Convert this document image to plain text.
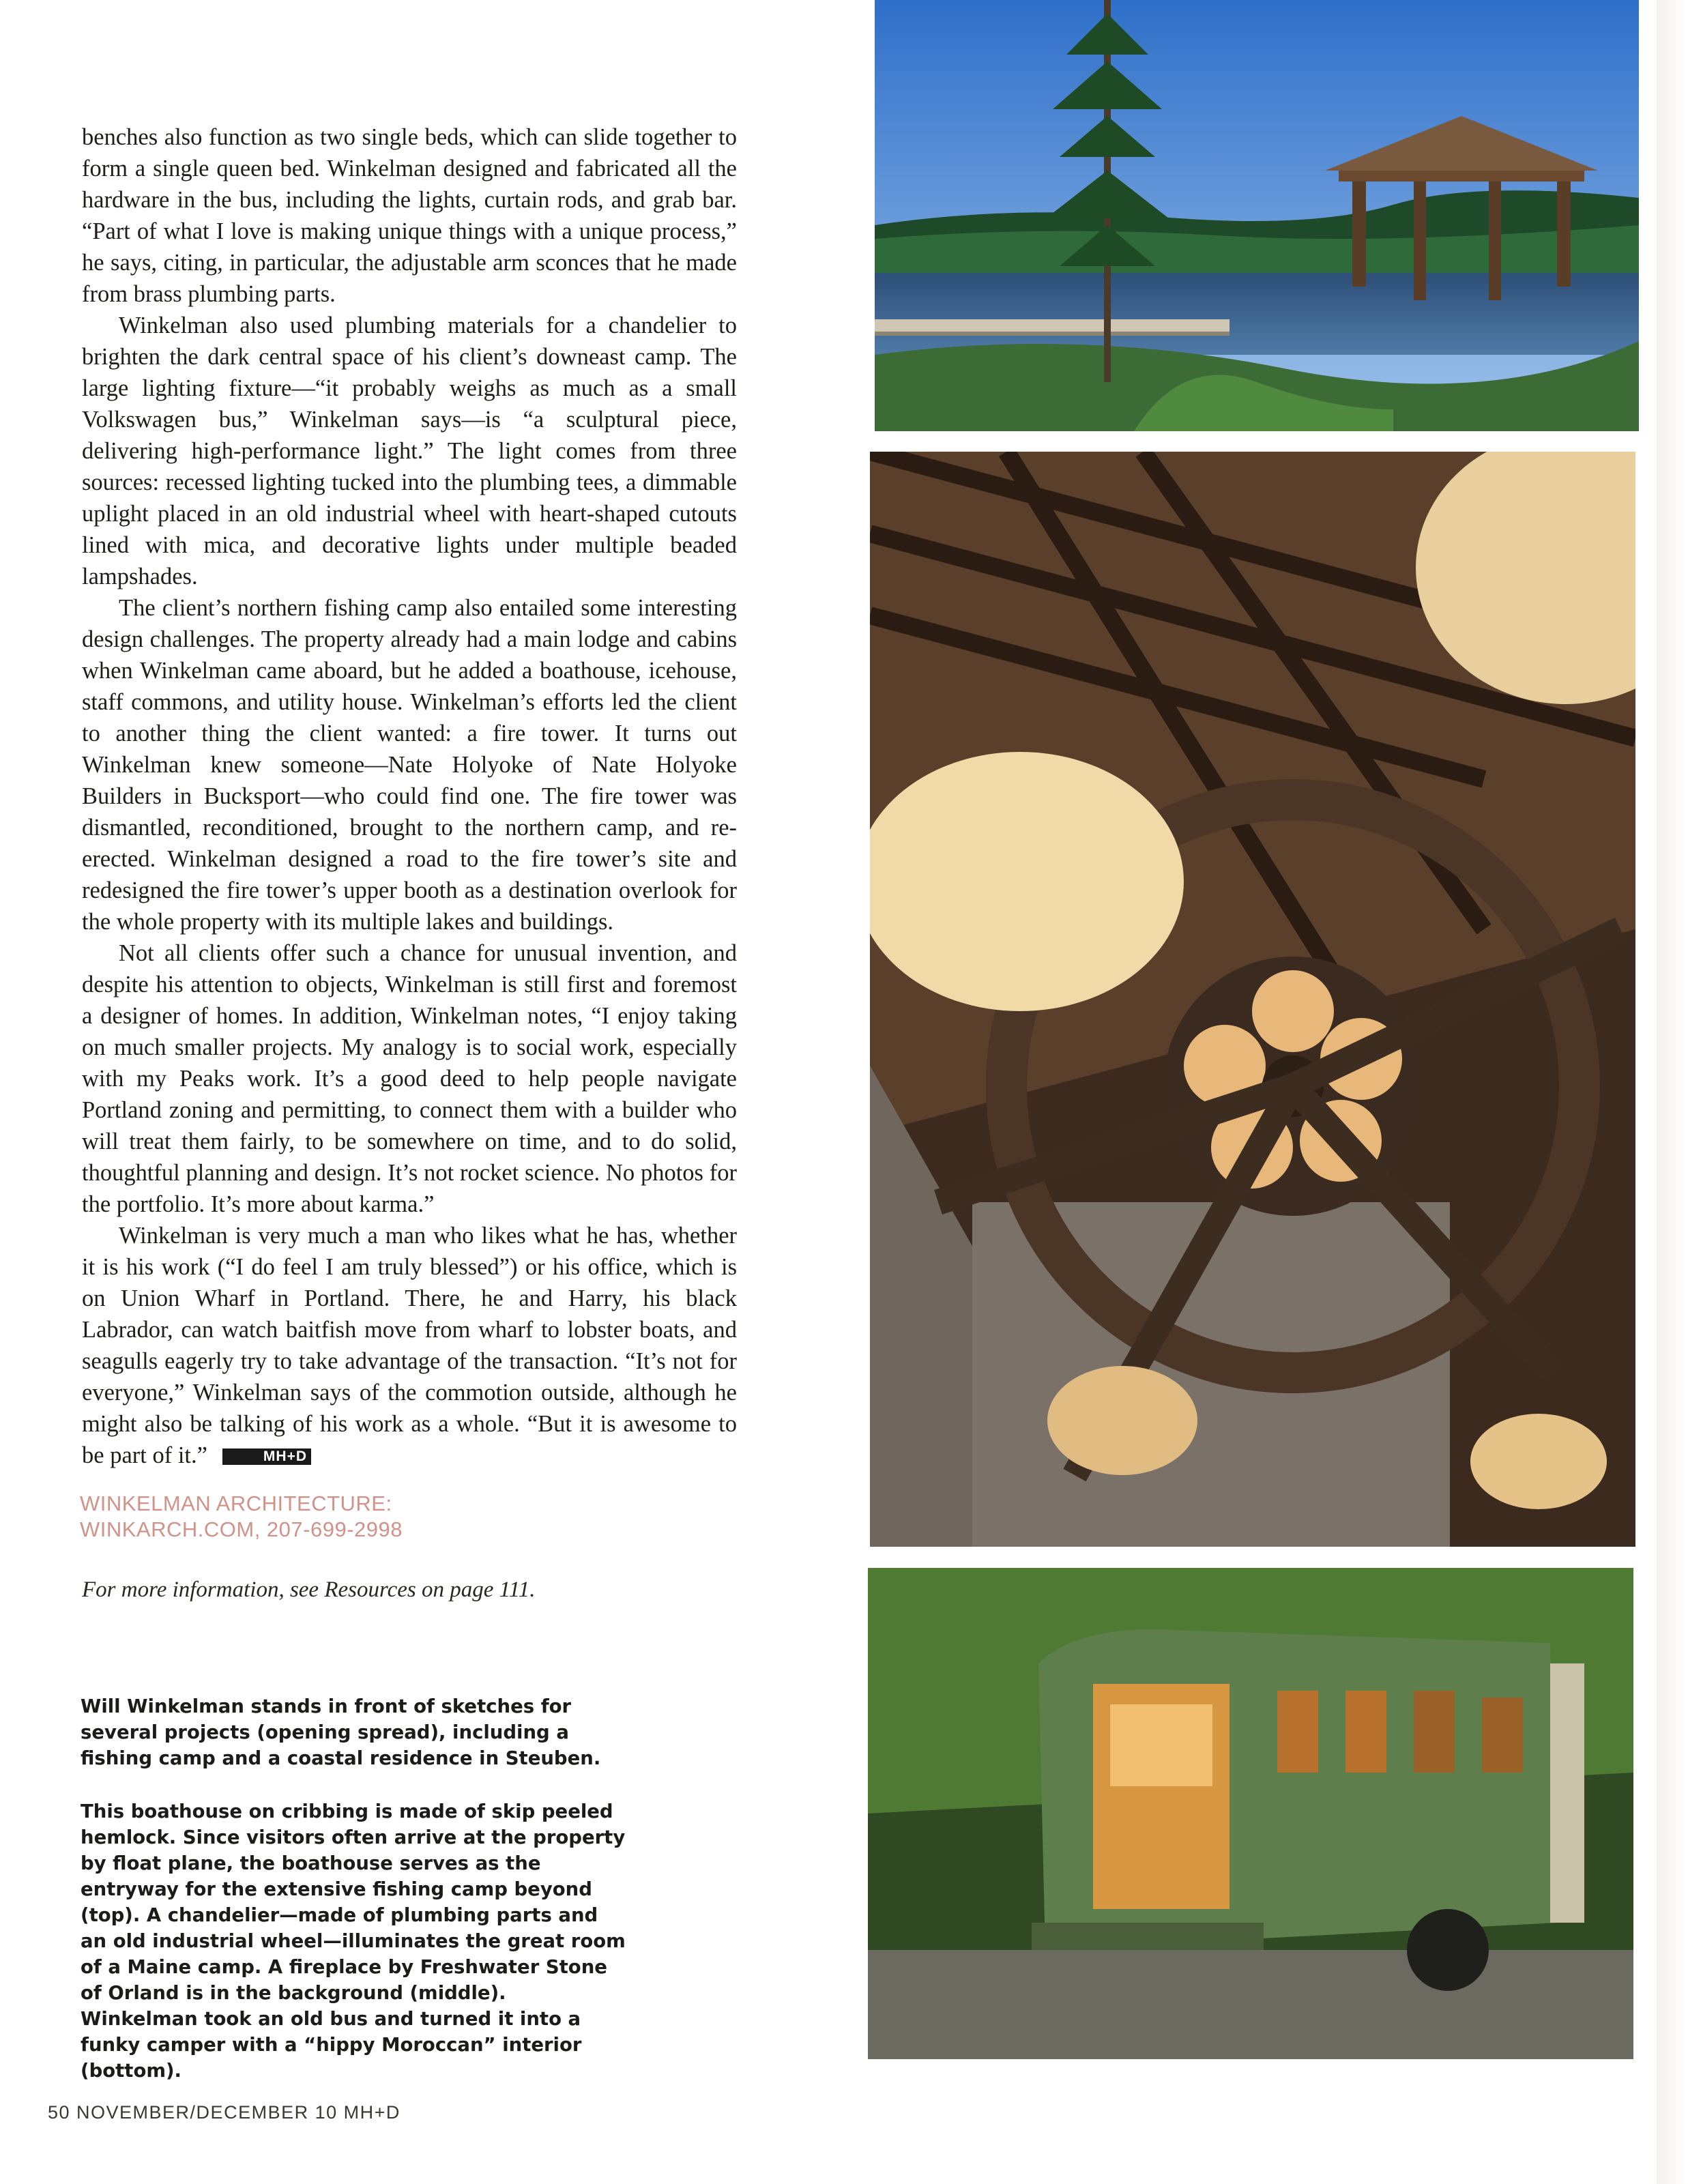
benches also function as two single beds, which can slide together to form a single queen bed. Winkelman designed and fabricated all the hardware in the bus, including the lights, curtain rods, and grab bar. “Part of what I love is making unique things with a unique process,” he says, citing, in particular, the adjustable arm sconces that he made from brass plumbing parts.

Winkelman also used plumbing materials for a chandelier to brighten the dark central space of his client’s downeast camp. The large lighting fixture—“it probably weighs as much as a small Volkswagen bus,” Winkelman says—is “a sculptural piece, delivering high-performance light.” The light comes from three sources: recessed lighting tucked into the plumbing tees, a dimmable uplight placed in an old industrial wheel with heart-shaped cutouts lined with mica, and decorative lights under multiple beaded lampshades.

The client’s northern fishing camp also entailed some interesting design challenges. The property already had a main lodge and cabins when Winkelman came aboard, but he added a boathouse, icehouse, staff commons, and utility house. Winkelman’s efforts led the client to another thing the client wanted: a fire tower. It turns out Winkelman knew someone—Nate Holyoke of Nate Holyoke Builders in Bucksport—who could find one. The fire tower was dismantled, reconditioned, brought to the northern camp, and re-erected. Winkelman designed a road to the fire tower’s site and redesigned the fire tower’s upper booth as a destination overlook for the whole property with its multiple lakes and buildings.

Not all clients offer such a chance for unusual invention, and despite his attention to objects, Winkelman is still first and foremost a designer of homes. In addition, Winkelman notes, “I enjoy taking on much smaller projects. My analogy is to social work, especially with my Peaks work. It’s a good deed to help people navigate Portland zoning and permitting, to connect them with a builder who will treat them fairly, to be somewhere on time, and to do solid, thoughtful planning and design. It’s not rocket science. No photos for the portfolio. It’s more about karma.”

Winkelman is very much a man who likes what he has, whether it is his work (“I do feel I am truly blessed”) or his office, which is on Union Wharf in Portland. There, he and Harry, his black Labrador, can watch baitfish move from wharf to lobster boats, and seagulls eagerly try to take advantage of the transaction. “It’s not for everyone,” Winkelman says of the commotion outside, although he might also be talking of his work as a whole. “But it is awesome to be part of it.”	MH+D

WINKELMAN ARCHITECTURE:
WINKARCH.COM, 207-699-2998
For more information, see Resources on page 111.

Will Winkelman stands in front of sketches for several projects (opening spread), including a fishing camp and a coastal residence in Steuben.

This boathouse on cribbing is made of skip peeled hemlock. Since visitors often arrive at the property by float plane, the boathouse serves as the entryway for the extensive fishing camp beyond (top). A chandelier—made of plumbing parts and an old industrial wheel—illuminates the great room of a Maine camp. A fireplace by Freshwater Stone of Orland is in the background (middle). Winkelman took an old bus and turned it into a funky camper with a “hippy Moroccan” interior (bottom).

50 NOVEMBER/DECEMBER 10 MH+D
